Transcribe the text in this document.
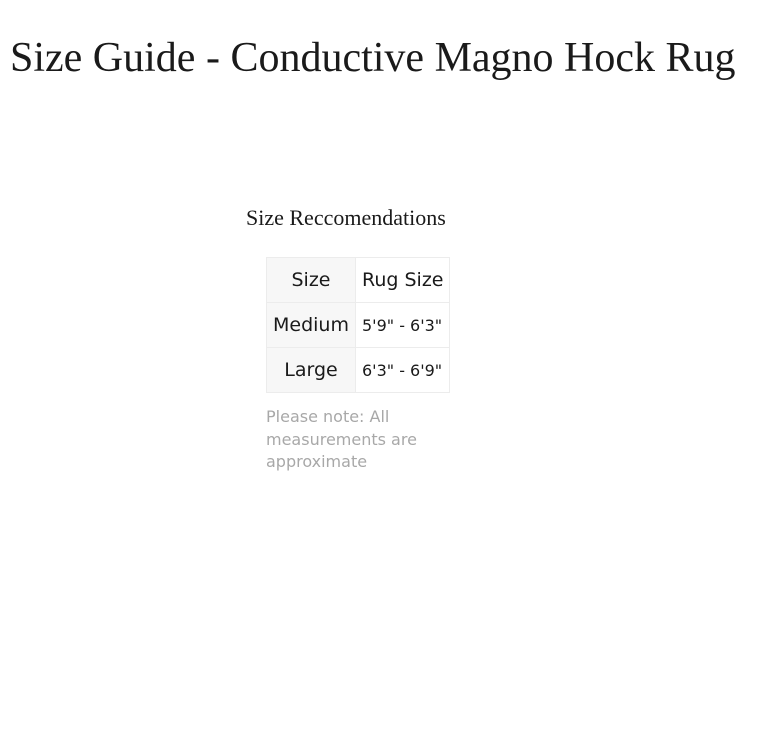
Size Guide - Conductive Magno Hock Rug
Size Reccomendations
Size	Rug Size
Medium	5'9" - 6'3"
Large	6'3" - 6'9"

Please note: All measurements are approximate
